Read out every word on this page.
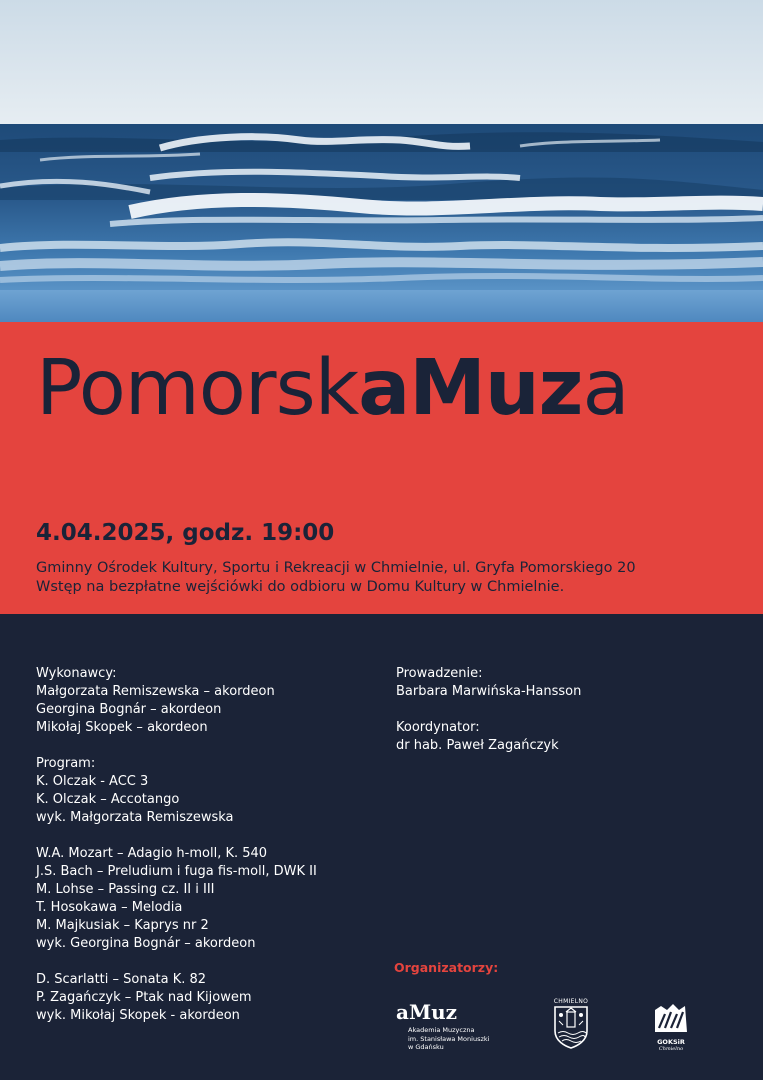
PomorskaMuza
4.04.2025, godz. 19:00
Gminny Ośrodek Kultury, Sportu i Rekreacji w Chmielnie, ul. Gryfa Pomorskiego 20
Wstęp na bezpłatne wejściówki do odbioru w Domu Kultury w Chmielnie.
Wykonawcy:
Małgorzata Remiszewska – akordeon
Georgina Bognár – akordeon
Mikołaj Skopek – akordeon
Program:
K. Olczak - ACC 3
K. Olczak – Accotango
wyk. Małgorzata Remiszewska
W.A. Mozart – Adagio h-moll, K. 540
J.S. Bach – Preludium i fuga fis-moll, DWK II
M. Lohse – Passing cz. II i III
T. Hosokawa – Melodia
M. Majkusiak – Kaprys nr 2
wyk. Georgina Bognár – akordeon
D. Scarlatti – Sonata K. 82
P. Zagańczyk – Ptak nad Kijowem
wyk. Mikołaj Skopek - akordeon
Prowadzenie:
Barbara Marwińska-Hansson
Koordynator:
dr hab. Paweł Zagańczyk
Organizatorzy:
aMuz
Akademia Muzyczna
im. Stanisława Moniuszki
w Gdańsku
CHMIELNO
GOKSiR
Chmielno
